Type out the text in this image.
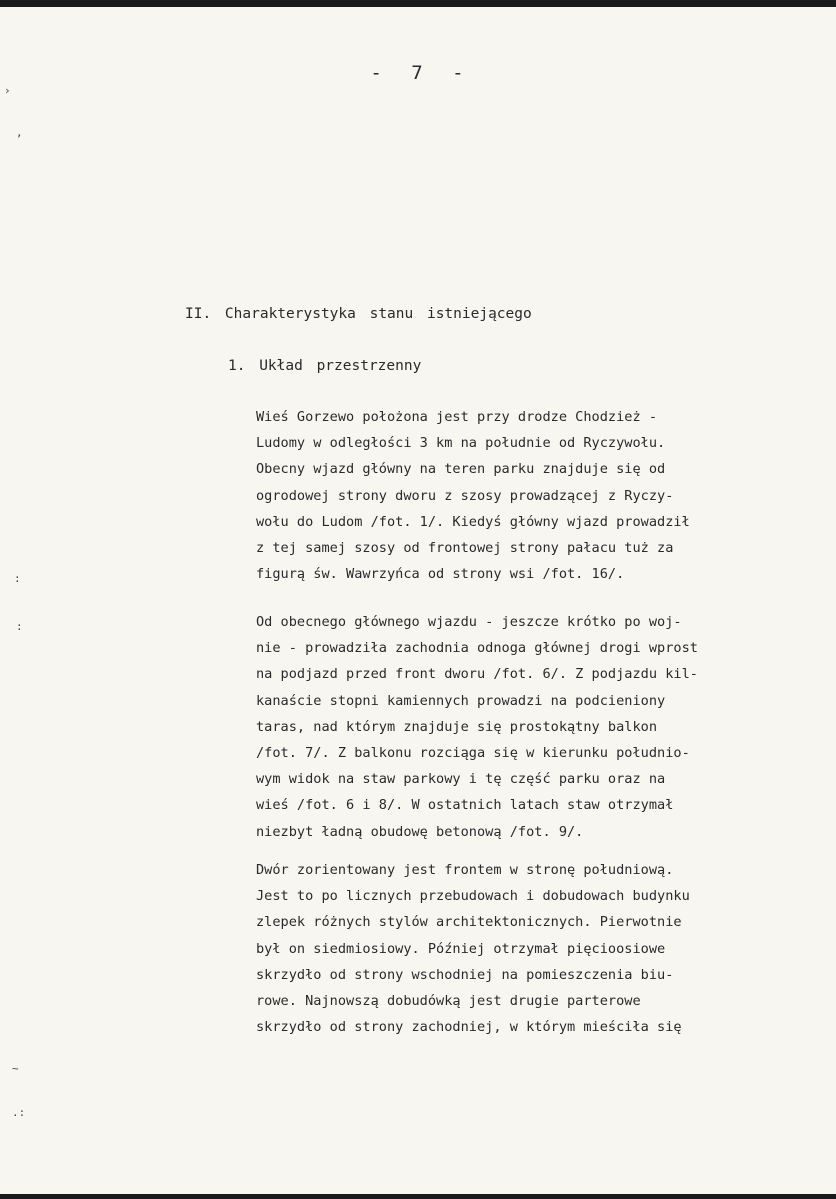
- 7 -
›
,
:
:
~
.:
II. Charakterystyka stanu istniejącego
1. Układ przestrzenny
Wieś Gorzewo położona jest przy drodze Chodzież -
Ludomy w odległości 3 km na południe od Ryczywołu.
Obecny wjazd główny na teren parku znajduje się od
ogrodowej strony dworu z szosy prowadzącej z Ryczy-
wołu do Ludom /fot. 1/. Kiedyś główny wjazd prowadził
z tej samej szosy od frontowej strony pałacu tuż za
figurą św. Wawrzyńca od strony wsi /fot. 16/.
Od obecnego głównego wjazdu - jeszcze krótko po woj-
nie - prowadziła zachodnia odnoga głównej drogi wprost
na podjazd przed front dworu /fot. 6/. Z podjazdu kil-
kanaście stopni kamiennych prowadzi na podcieniony
taras, nad którym znajduje się prostokątny balkon
/fot. 7/. Z balkonu rozciąga się w kierunku południo-
wym widok na staw parkowy i tę część parku oraz na
wieś /fot. 6 i 8/. W ostatnich latach staw otrzymał
niezbyt ładną obudowę betonową /fot. 9/.
Dwór zorientowany jest frontem w stronę południową.
Jest to po licznych przebudowach i dobudowach budynku
zlepek różnych stylów architektonicznych. Pierwotnie
był on siedmiosiowy. Później otrzymał pięcioosiowe
skrzydło od strony wschodniej na pomieszczenia biu-
rowe. Najnowszą dobudówką jest drugie parterowe
skrzydło od strony zachodniej, w którym mieściła się
